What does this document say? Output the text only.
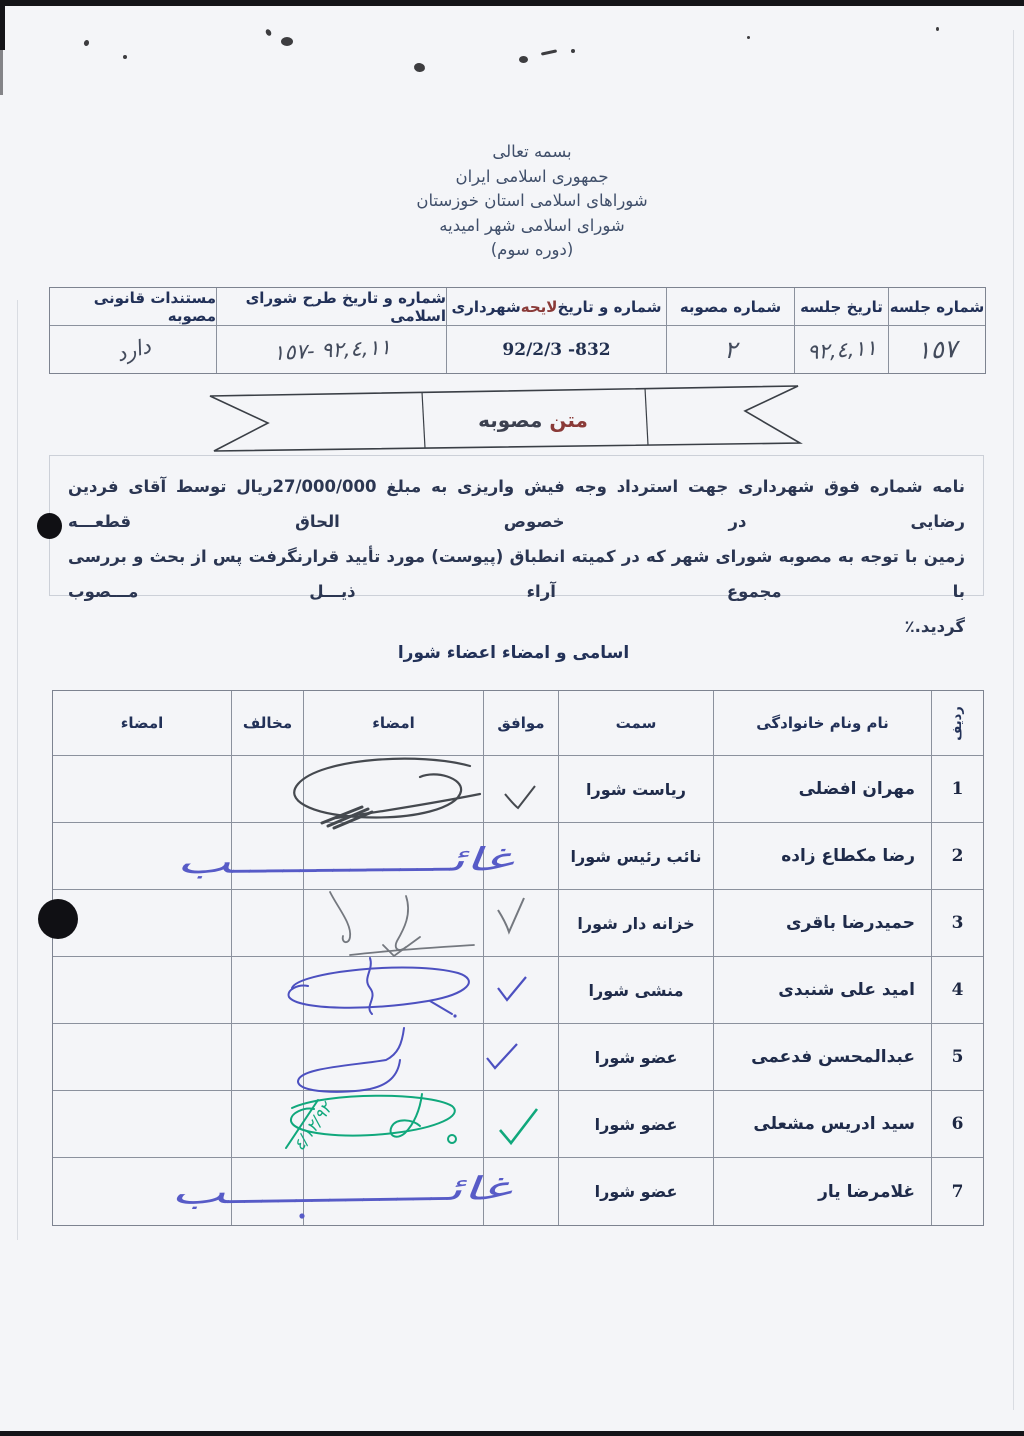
بسمه تعالی
جمهوری اسلامی ایران
شوراهای اسلامی استان خوزستان
شورای اسلامی شهر امیدیه
(دوره سوم)
شماره جلسه
تاریخ جلسه
شماره مصوبه
شماره و تاریخ
لایحه
شهرداری
شماره و تاریخ طرح شورای اسلامی
مستندات قانونی مصوبه
١٥٧
٩٢,٤,١١
٢
92/2/3 -832
٩٢,٤,١١ -١٥٧
دارد
متن
مصوبه
نامه شماره فوق شهرداری جهت استرداد وجه فیش واریزی به مبلغ 27/000/000ریال توسط آقای فردین رضایی در خصوص الحاق قطعـــه
زمین با توجه به مصوبه شورای شهر که در کمیته انطباق (پیوست) مورد تأیید قرارنگرفت پس از بحث و بررسی با مجموع آراء ذیـــل مـــصوب
گردید.٪
اسامی و امضاء اعضاء شورا
ردیف
نام ونام خانوادگی
سمت
موافق
امضاء
مخالف
امضاء
1
مهران افضلی
ریاست شورا
2
رضا مکطاع زاده
نائب رئیس شورا
3
حمیدرضا باقری
خزانه دار شورا
4
امید علی شنبدی
منشی شورا
5
عبدالمحسن فدعمی
عضو شورا
6
سید ادریس مشعلی
عضو شورا
7
غلامرضا یار
عضو شورا
غائـــــــــــــب
غائـــــــــــــب
٤/١٢/٩٢
